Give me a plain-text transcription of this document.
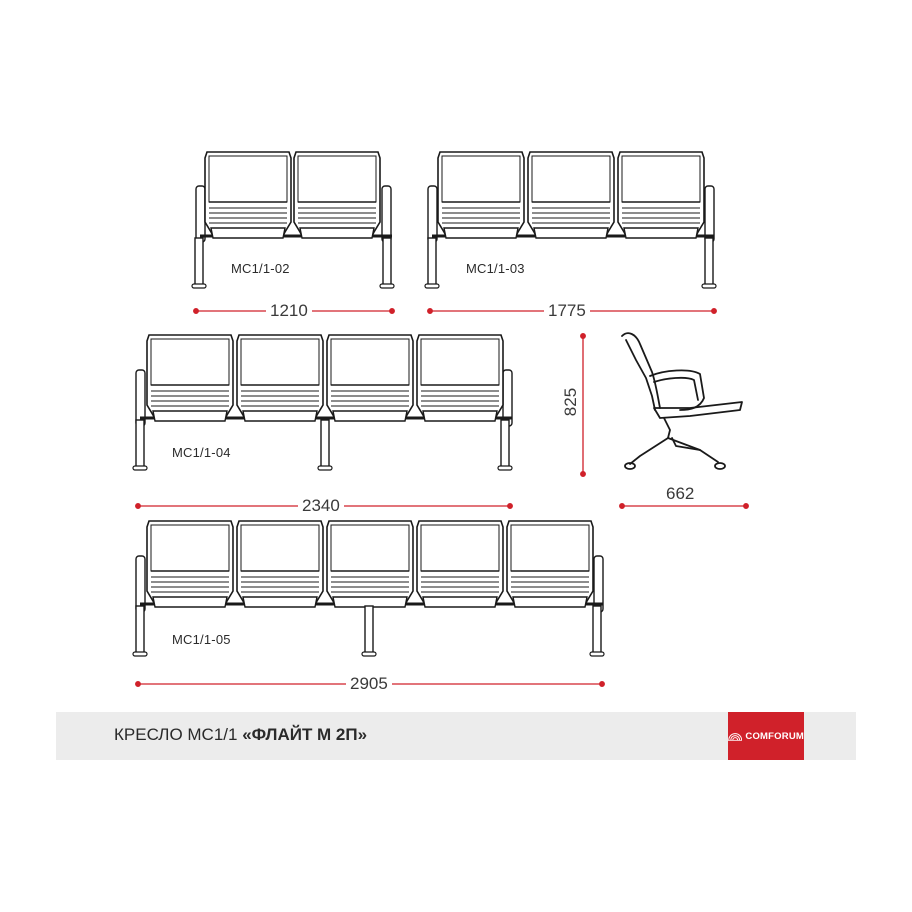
МС1/1-02	МС1/1-03
МС1/1-04
МС1/1-05
1210	1775
2340
2905
825
662
КРЕСЛО МС1/1 «ФЛАЙТ М 2П»	COMFORUM
